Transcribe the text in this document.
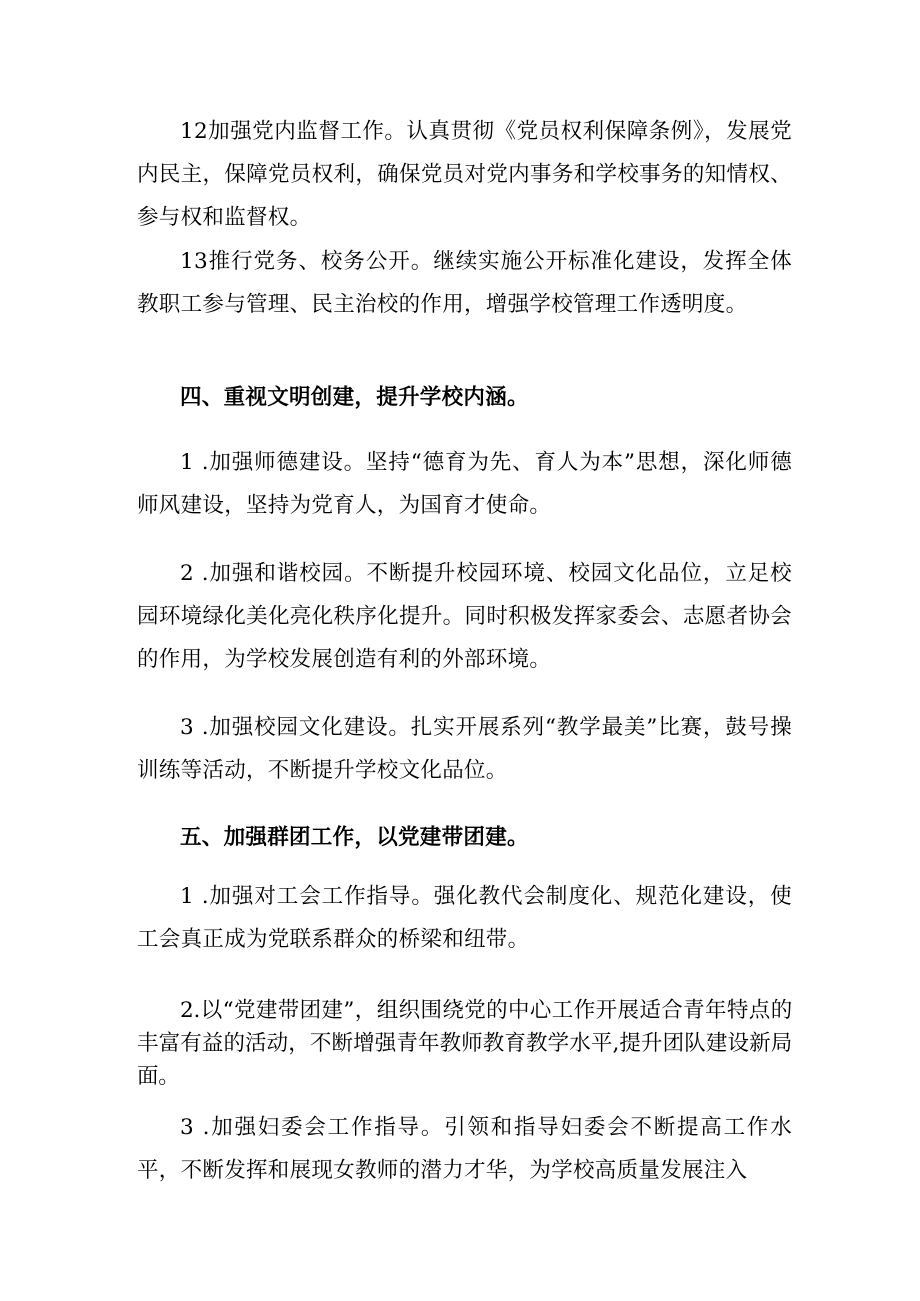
12加强党内监督工作。认真贯彻《党员权利保障条例》，发展党内民主，保障党员权利，确保党员对党内事务和学校事务的知情权、参与权和监督权。

13推行党务、校务公开。继续实施公开标准化建设，发挥全体教职工参与管理、民主治校的作用，增强学校管理工作透明度。

四、重视文明创建，提升学校内涵。

1 .加强师德建设。坚持“德育为先、育人为本”思想，深化师德师风建设，坚持为党育人，为国育才使命。

2 .加强和谐校园。不断提升校园环境、校园文化品位，立足校园环境绿化美化亮化秩序化提升。同时积极发挥家委会、志愿者协会的作用，为学校发展创造有利的外部环境。

3 .加强校园文化建设。扎实开展系列“教学最美”比赛，鼓号操训练等活动，不断提升学校文化品位。

五、加强群团工作，以党建带团建。

1 .加强对工会工作指导。强化教代会制度化、规范化建设，使工会真正成为党联系群众的桥梁和纽带。

2.以“党建带团建”，组织围绕党的中心工作开展适合青年特点的丰富有益的活动，不断增强青年教师教育教学水平,提升团队建设新局面。

3 .加强妇委会工作指导。引领和指导妇委会不断提高工作水平，不断发挥和展现女教师的潜力才华，为学校高质量发展注入
